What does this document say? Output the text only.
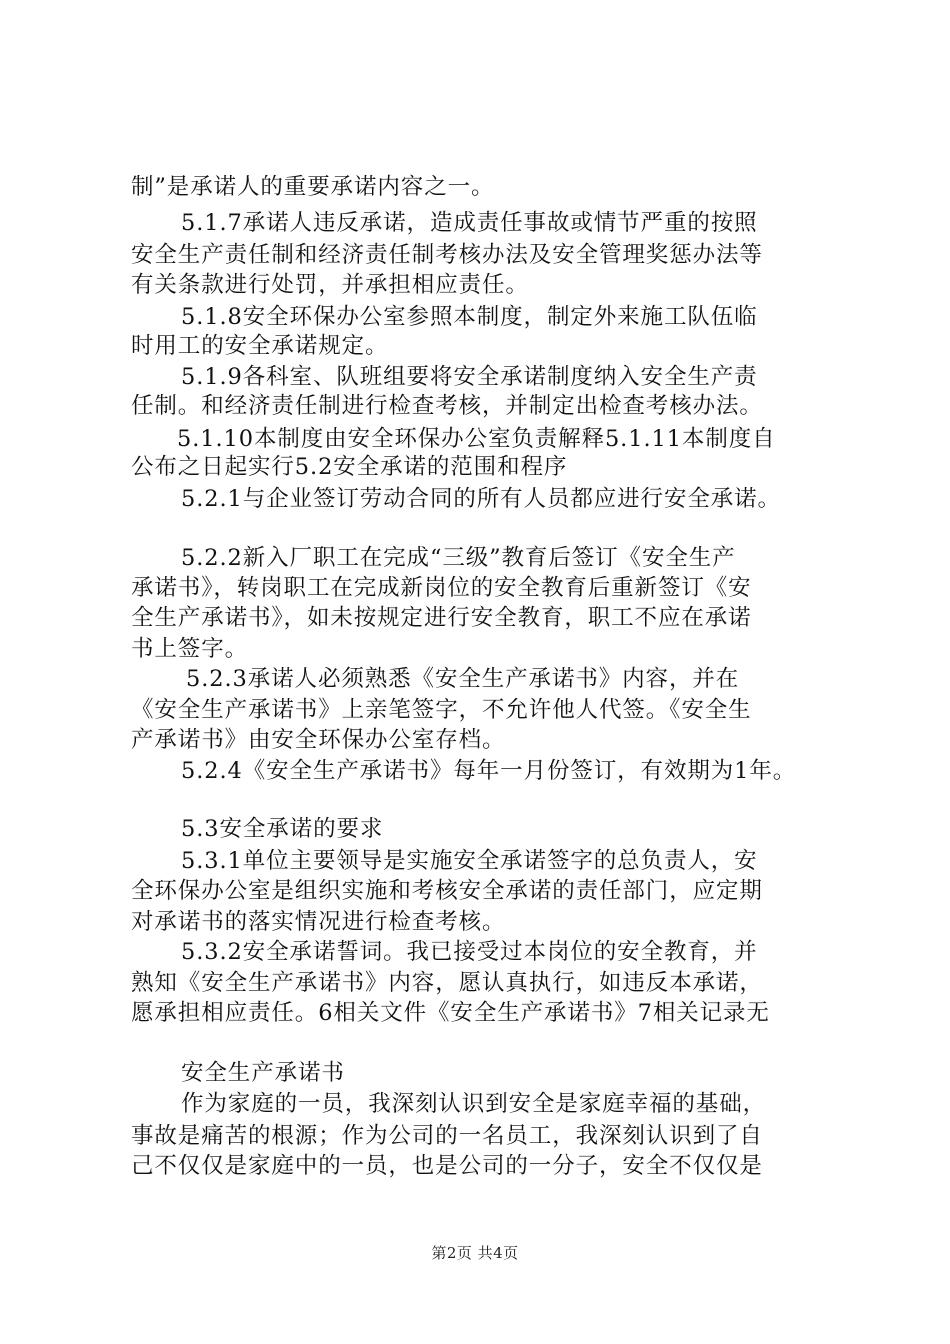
制”是承诺人的重要承诺内容之一。
5.1.7承诺人违反承诺，造成责任事故或情节严重的按照
安全生产责任制和经济责任制考核办法及安全管理奖惩办法等
有关条款进行处罚，并承担相应责任。
5.1.8安全环保办公室参照本制度，制定外来施工队伍临
时用工的安全承诺规定。
5.1.9各科室、队班组要将安全承诺制度纳入安全生产责
任制。和经济责任制进行检查考核，并制定出检查考核办法。
5.1.10本制度由安全环保办公室负责解释5.1.11本制度自
公布之日起实行5.2安全承诺的范围和程序
5.2.1与企业签订劳动合同的所有人员都应进行安全承诺。
5.2.2新入厂职工在完成“三级”教育后签订《安全生产
承诺书》，转岗职工在完成新岗位的安全教育后重新签订《安
全生产承诺书》，如未按规定进行安全教育，职工不应在承诺
书上签字。
5.2.3承诺人必须熟悉《安全生产承诺书》内容，并在
《安全生产承诺书》上亲笔签字，不允许他人代签。《安全生
产承诺书》由安全环保办公室存档。
5.2.4《安全生产承诺书》每年一月份签订，有效期为1年。
5.3安全承诺的要求
5.3.1单位主要领导是实施安全承诺签字的总负责人，安
全环保办公室是组织实施和考核安全承诺的责任部门，应定期
对承诺书的落实情况进行检查考核。
5.3.2安全承诺誓词。我已接受过本岗位的安全教育，并
熟知《安全生产承诺书》内容，愿认真执行，如违反本承诺，
愿承担相应责任。6相关文件《安全生产承诺书》7相关记录无
安全生产承诺书
作为家庭的一员，我深刻认识到安全是家庭幸福的基础，
事故是痛苦的根源；作为公司的一名员工，我深刻认识到了自
己不仅仅是家庭中的一员，也是公司的一分子，安全不仅仅是
第2页 共4页
